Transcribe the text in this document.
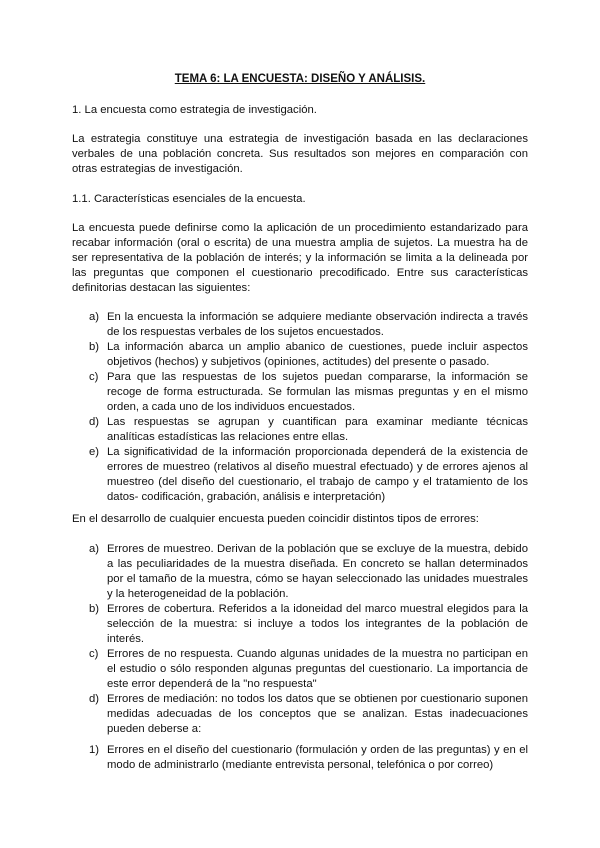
TEMA 6: LA ENCUESTA: DISEÑO Y ANÁLISIS.
1. La encuesta como estrategia de investigación.
La estrategia constituye una estrategia de investigación basada en las declaraciones verbales de una población concreta. Sus resultados son mejores en comparación con otras estrategias de investigación.
1.1. Características esenciales de la encuesta.
La encuesta puede definirse como la aplicación de un procedimiento estandarizado para recabar información (oral o escrita) de una muestra amplia de sujetos. La muestra ha de ser representativa de la población de interés; y la información se limita a la delineada por las preguntas que componen el cuestionario precodificado. Entre sus características definitorias destacan las siguientes:
a) En la encuesta la información se adquiere mediante observación indirecta a través de los respuestas verbales de los sujetos encuestados.
b) La información abarca un amplio abanico de cuestiones, puede incluir aspectos objetivos (hechos) y subjetivos (opiniones, actitudes) del presente o pasado.
c) Para que las respuestas de los sujetos puedan compararse, la información se recoge de forma estructurada. Se formulan las mismas preguntas y en el mismo orden, a cada uno de los individuos encuestados.
d) Las respuestas se agrupan y cuantifican para examinar mediante técnicas analíticas estadísticas las relaciones entre ellas.
e) La significatividad de la información proporcionada dependerá de la existencia de errores de muestreo (relativos al diseño muestral efectuado) y de errores ajenos al muestreo (del diseño del cuestionario, el trabajo de campo y el tratamiento de los datos- codificación, grabación, análisis e interpretación)
En el desarrollo de cualquier encuesta pueden coincidir distintos tipos de errores:
a) Errores de muestreo. Derivan de la población que se excluye de la muestra, debido a las peculiaridades de la muestra diseñada. En concreto se hallan determinados por el tamaño de la muestra, cómo se hayan seleccionado las unidades muestrales y la heterogeneidad de la población.
b) Errores de cobertura. Referidos a la idoneidad del marco muestral elegidos para la selección de la muestra: si incluye a todos los integrantes de la población de interés.
c) Errores de no respuesta. Cuando algunas unidades de la muestra no participan en el estudio o sólo responden algunas preguntas del cuestionario. La importancia de este error dependerá de la "no respuesta"
d) Errores de mediación: no todos los datos que se obtienen por cuestionario suponen medidas adecuadas de los conceptos que se analizan. Estas inadecuaciones pueden deberse a:
1) Errores en el diseño del cuestionario (formulación y orden de las preguntas) y en el modo de administrarlo (mediante entrevista personal, telefónica o por correo)
